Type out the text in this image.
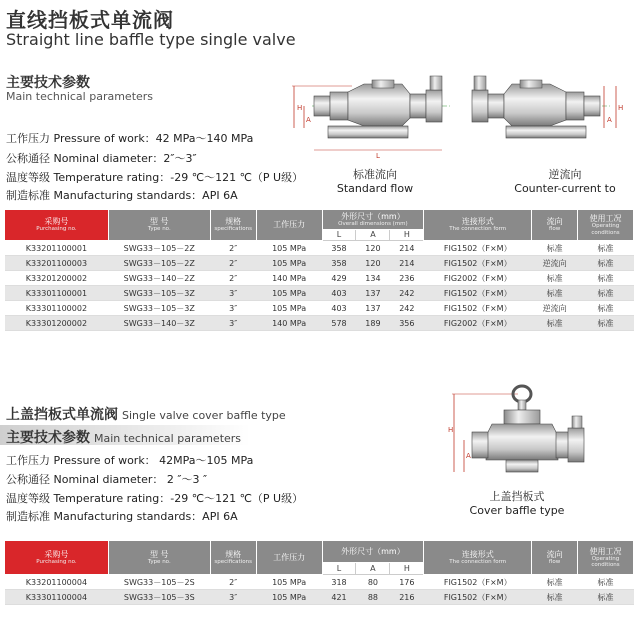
直线挡板式单流阀
Straight line baffle type single valve
主要技术参数
Main technical parameters
工作压力 Pressure of work：42 MPa～140 MPa
公称通径 Nominal diameter：2″～3″
温度等级 Temperature rating：-29 ℃～121 ℃（P U级）
制造标准 Manufacturing standards：API 6A
H
A
L
A
H
标准流向
Standard flow
逆流向
Counter-current to
采购号
Purchasing no.	型 号
Type no.	规格
specifications	工作压力	外形尺寸（mm）
Overall dimensions (mm)			连接形式
The connection form	流向
flow	使用工况
Operating conditions

				L	A	H			
K33201100001	SWG33－105－2Z	2″	105 MPa	358	120	214	FIG1502（F×M）	标准	标准
K33201100003	SWG33－105－2Z	2″	105 MPa	358	120	214	FIG1502（F×M）	逆流向	标准
K33201200002	SWG33－140－2Z	2″	140 MPa	429	134	236	FIG2002（F×M）	标准	标准
K33301100001	SWG33－105－3Z	3″	105 MPa	403	137	242	FIG1502（F×M）	标准	标准
K33301100002	SWG33－105－3Z	3″	105 MPa	403	137	242	FIG1502（F×M）	逆流向	标准
K33301200002	SWG33－140－3Z	3″	140 MPa	578	189	356	FIG2002（F×M）	标准	标准
上盖挡板式单流阀 Single valve cover baffle type
主要技术参数 Main technical parameters
工作压力 Pressure of work： 42MPa～105 MPa
公称通径 Nominal diameter： 2 ″～3 ″
温度等级 Temperature rating：-29 ℃～121 ℃（P U级）
制造标准 Manufacturing standards：API 6A
H
A
上盖挡板式
Cover baffle type
采购号
Purchasing no.	型 号
Type no.	规格
specifications	工作压力	外形尺寸（mm）			连接形式
The connection form	流向
flow	使用工况
Operating conditions

				L	A	H			
K33201100004	SWG33－105－2S	2″	105 MPa	318	80	176	FIG1502（F×M）	标准	标准
K33301100004	SWG33－105－3S	3″	105 MPa	421	88	216	FIG1502（F×M）	标准	标准
